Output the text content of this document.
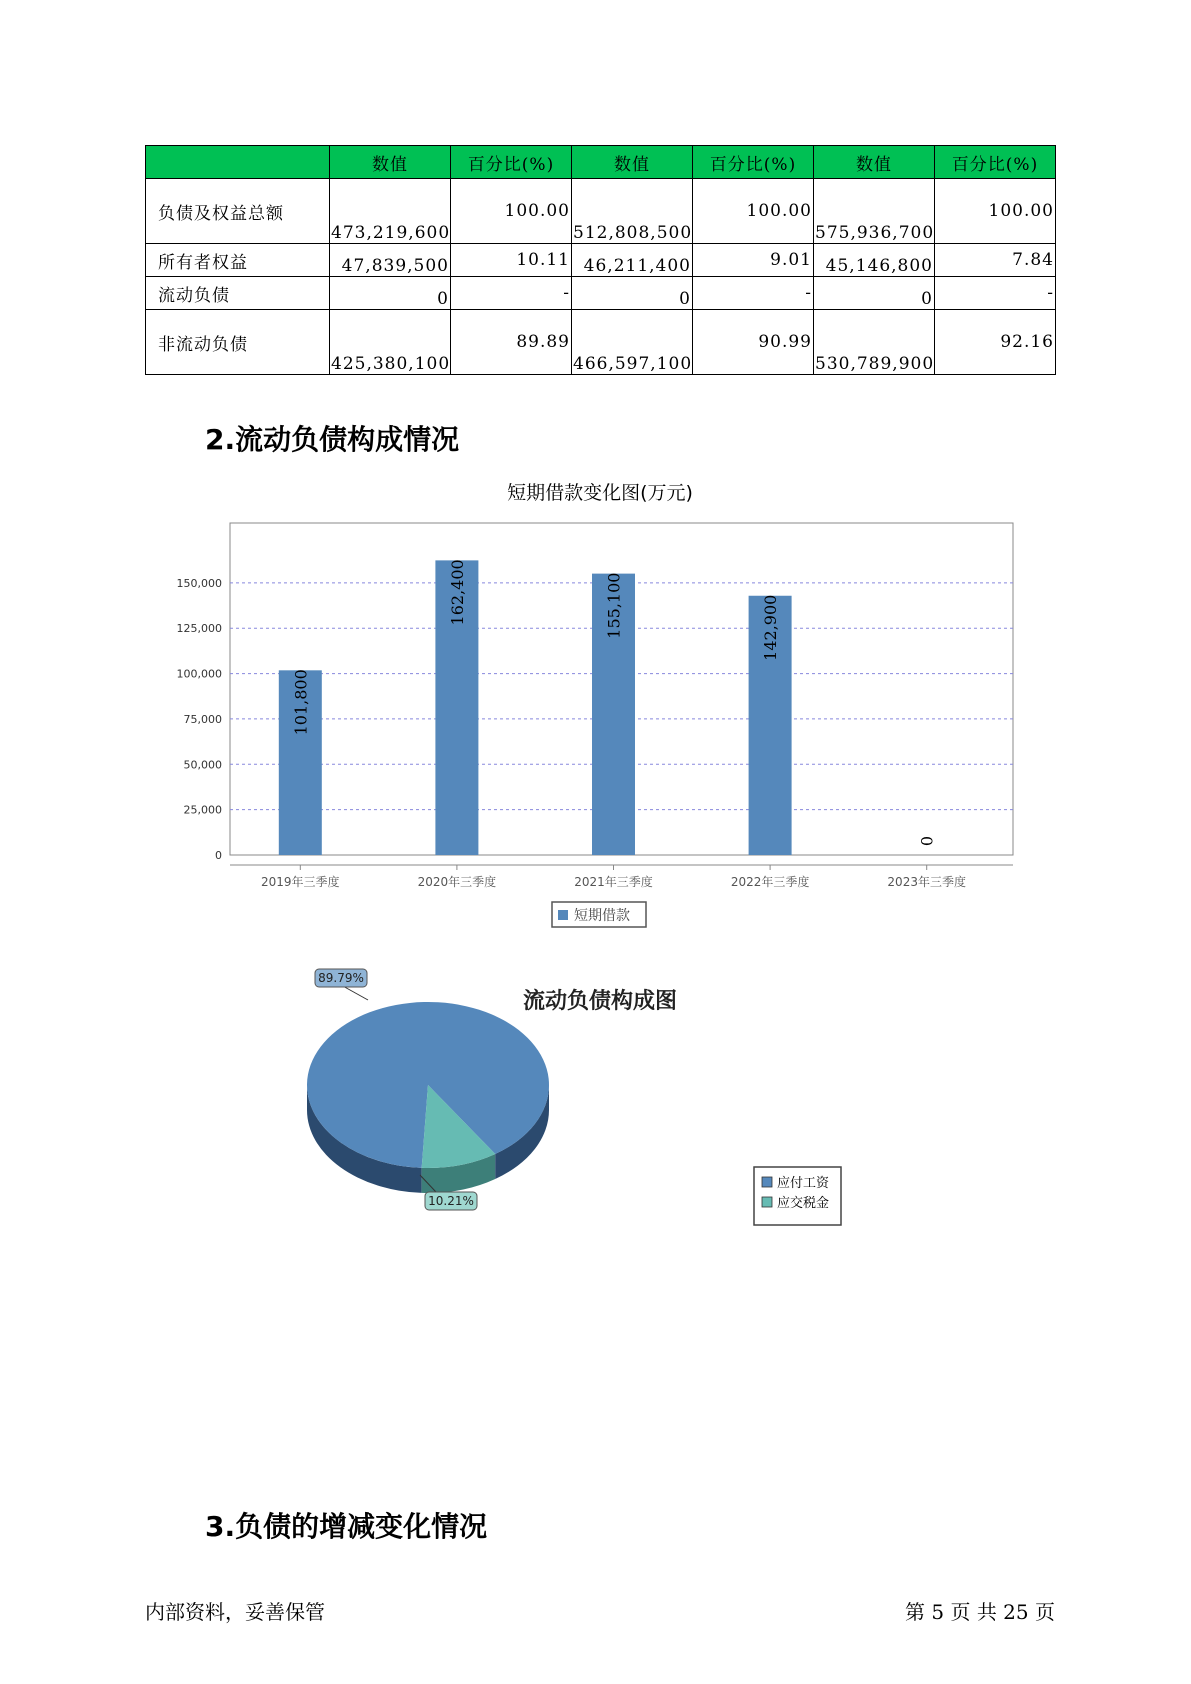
	数值	百分比(%)	数值	百分比(%)	数值	百分比(%)
负债及权益总额	473,219,600	100.00	512,808,500	100.00	575,936,700	100.00
所有者权益	47,839,500	10.11	46,211,400	9.01	45,146,800	7.84
流动负债	0	-	0	-	0	-
非流动负债	425,380,100	89.89	466,597,100	90.99	530,789,900	92.16
2.流动负债构成情况
短期借款变化图(万元)
0
25,000
50,000
75,000
100,000
125,000
150,000
101,800
162,400	155,100	142,900
0
2019年三季度	2020年三季度	2021年三季度	2022年三季度	2023年三季度
短期借款
流动负债构成图
89.79%
10.21%
应付工资
应交税金
3.负债的增减变化情况
内部资料，妥善保管	第 5 页 共 25 页
